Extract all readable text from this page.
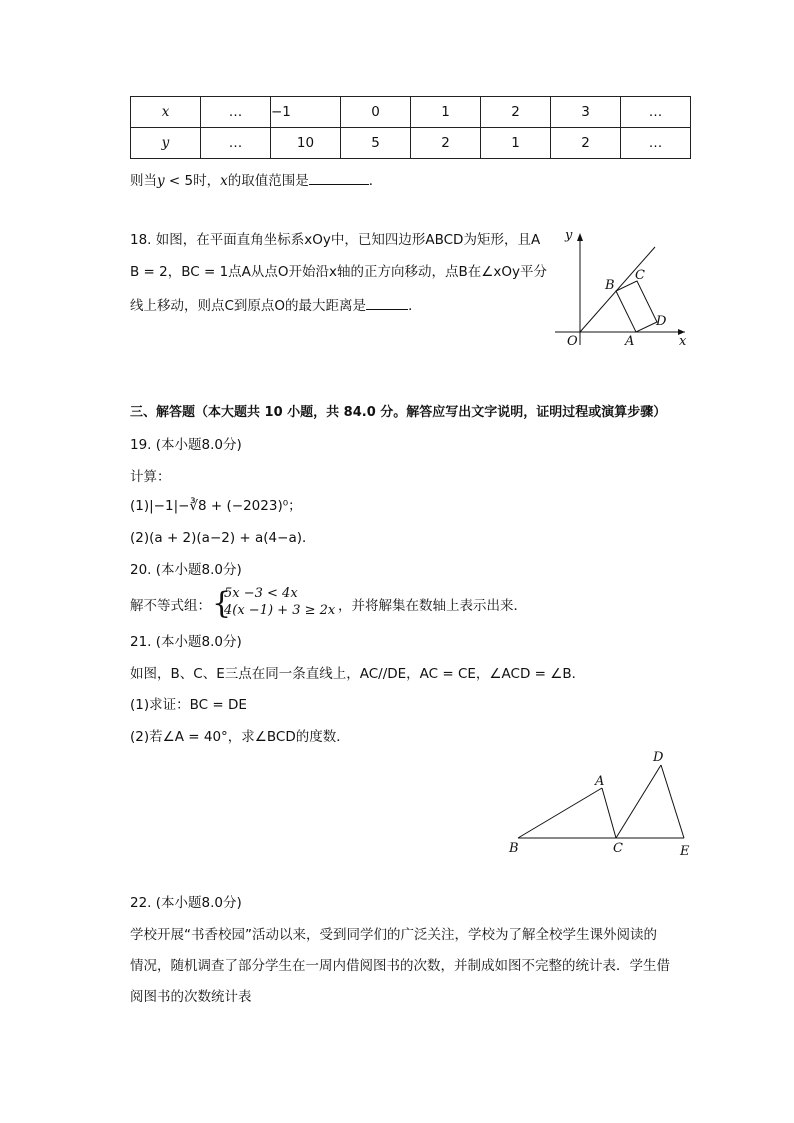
x	…	−1	0	1	2	3	…
y	…	10	5	2	1	2	…
则当y < 5时，x的取值范围是	．
18. 如图，在平面直角坐标系xOy中，已知四边形ABCD为矩形，且A
B = 2，BC = 1点A从点O开始沿x轴的正方向移动，点B在∠xOy平分
线上移动，则点C到原点O的最大距离是	．
y
x
O	A
B
C
D
三、解答题（本大题共 10 小题，共 84.0 分。解答应写出文字说明，证明过程或演算步骤）
19. (本小题8.0分)
计算：
(1)|−1|−∛8 + (−2023)⁰；
(2)(a + 2)(a−2) + a(4−a)．
20. (本小题8.0分)
解不等式组： {
5x −3 < 4x
4(x −1) + 3 ≥ 2x ，并将解集在数轴上表示出来．
21. (本小题8.0分)
如图，B、C、E三点在同一条直线上，AC//DE，AC = CE，∠ACD = ∠B．
(1)求证：BC = DE
(2)若∠A = 40°，求∠BCD的度数．
A
B	C
D
E
22. (本小题8.0分)
学校开展“书香校园”活动以来，受到同学们的广泛关注，学校为了解全校学生课外阅读的
情况，随机调查了部分学生在一周内借阅图书的次数，并制成如图不完整的统计表．学生借
阅图书的次数统计表
